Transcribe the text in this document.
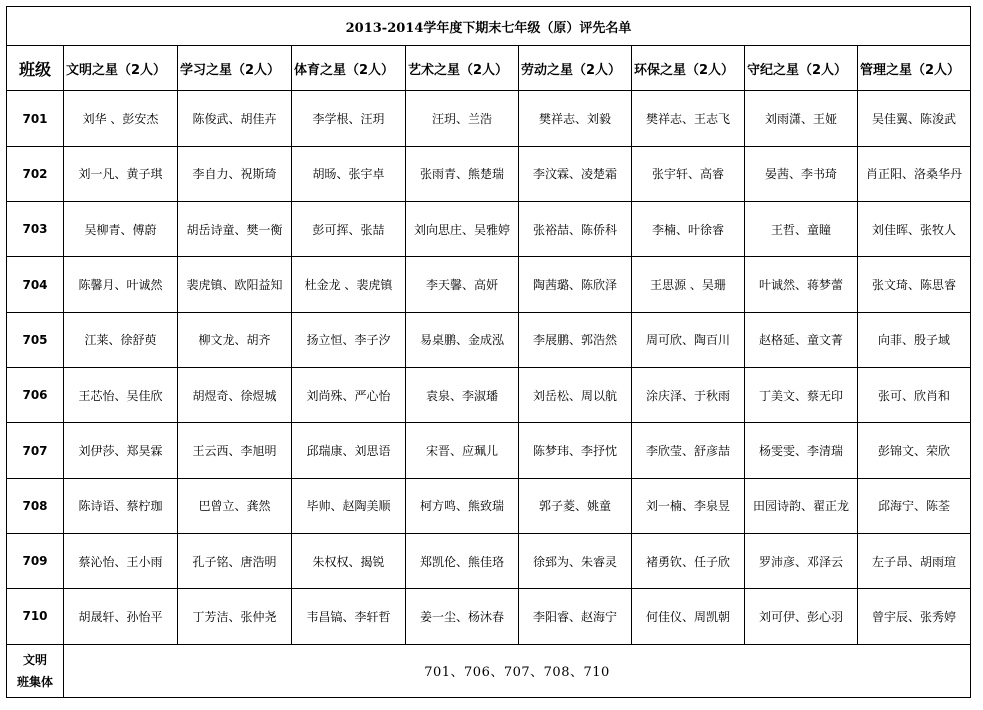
2013-2014学年度下期末七年级（原）评先名单								
班级	文明之星（2人）	学习之星（2人）	体育之星（2人）	艺术之星（2人）	劳动之星（2人）	环保之星（2人）	守纪之星（2人）	管理之星（2人）
701	刘华 、彭安杰	陈俊武、胡佳卉	李学根、汪玥	汪玥、兰浩	樊祥志、刘毅	樊祥志、王志飞	刘雨潇、王娅	吴佳翼、陈浚武
702	刘一凡、黄子琪	李自力、祝斯琦	胡旸、张宇卓	张雨青、熊楚瑞	李汶霖、凌楚霜	张宇轩、高睿	晏茜、李书琦	肖正阳、洛桑华丹
703	吴柳青、傅蔚	胡岳诗童、樊一衡	彭可挥、张喆	刘向思庄、吴雅婷	张裕喆、陈侨科	李楠、叶徐睿	王哲、童瞳	刘佳晖、张牧人
704	陈馨月、叶诚然	裴虎镇、欧阳益知	杜金龙 、裴虎镇	李天馨、高妍	陶茜璐、陈欣泽	王思源 、吴珊	叶诚然、蒋梦蕾	张文琦、陈思睿
705	江莱、徐舒萸	柳文龙、胡齐	扬立恒、李子汐	易桌鹏、金成泓	李展鹏、郭浩然	周可欣、陶百川	赵格延、童文菁	向菲、殷子域
706	王芯怡、吴佳欣	胡煜奇、徐煜城	刘尚殊、严心怡	袁泉、李淑璠	刘岳松、周以航	涂庆泽、于秋雨	丁美文、蔡无印	张可、欣肖和
707	刘伊莎、郑昊霖	王云西、李旭明	邱瑞康、刘思语	宋晋、应珮儿	陈梦玮、李抒忱	李欣莹、舒彦喆	杨雯雯、李清瑞	彭锦文、荣欣
708	陈诗语、蔡柠珈	巴曾立、龚然	毕帅、赵陶美顺	柯方鸣、熊致瑞	郭子菱、姚童	刘一楠、李泉昱	田园诗韵、翟正龙	邱海宁、陈荃
709	蔡沁怡、王小雨	孔子铭、唐浩明	朱权权、揭锐	郑凯伦、熊佳珞	徐郅为、朱睿灵	褚勇钦、任子欣	罗沛彦、邓泽云	左子昂、胡雨瑄
710	胡晟轩、孙怡平	丁芳洁、张仲尧	韦昌镐、李轩哲	姜一尘、杨沐春	李阳睿、赵海宁	何佳仪、周凯朝	刘可伊、彭心羽	曾宇辰、张秀婷

文明
班集体	701、706、707、708、710							
